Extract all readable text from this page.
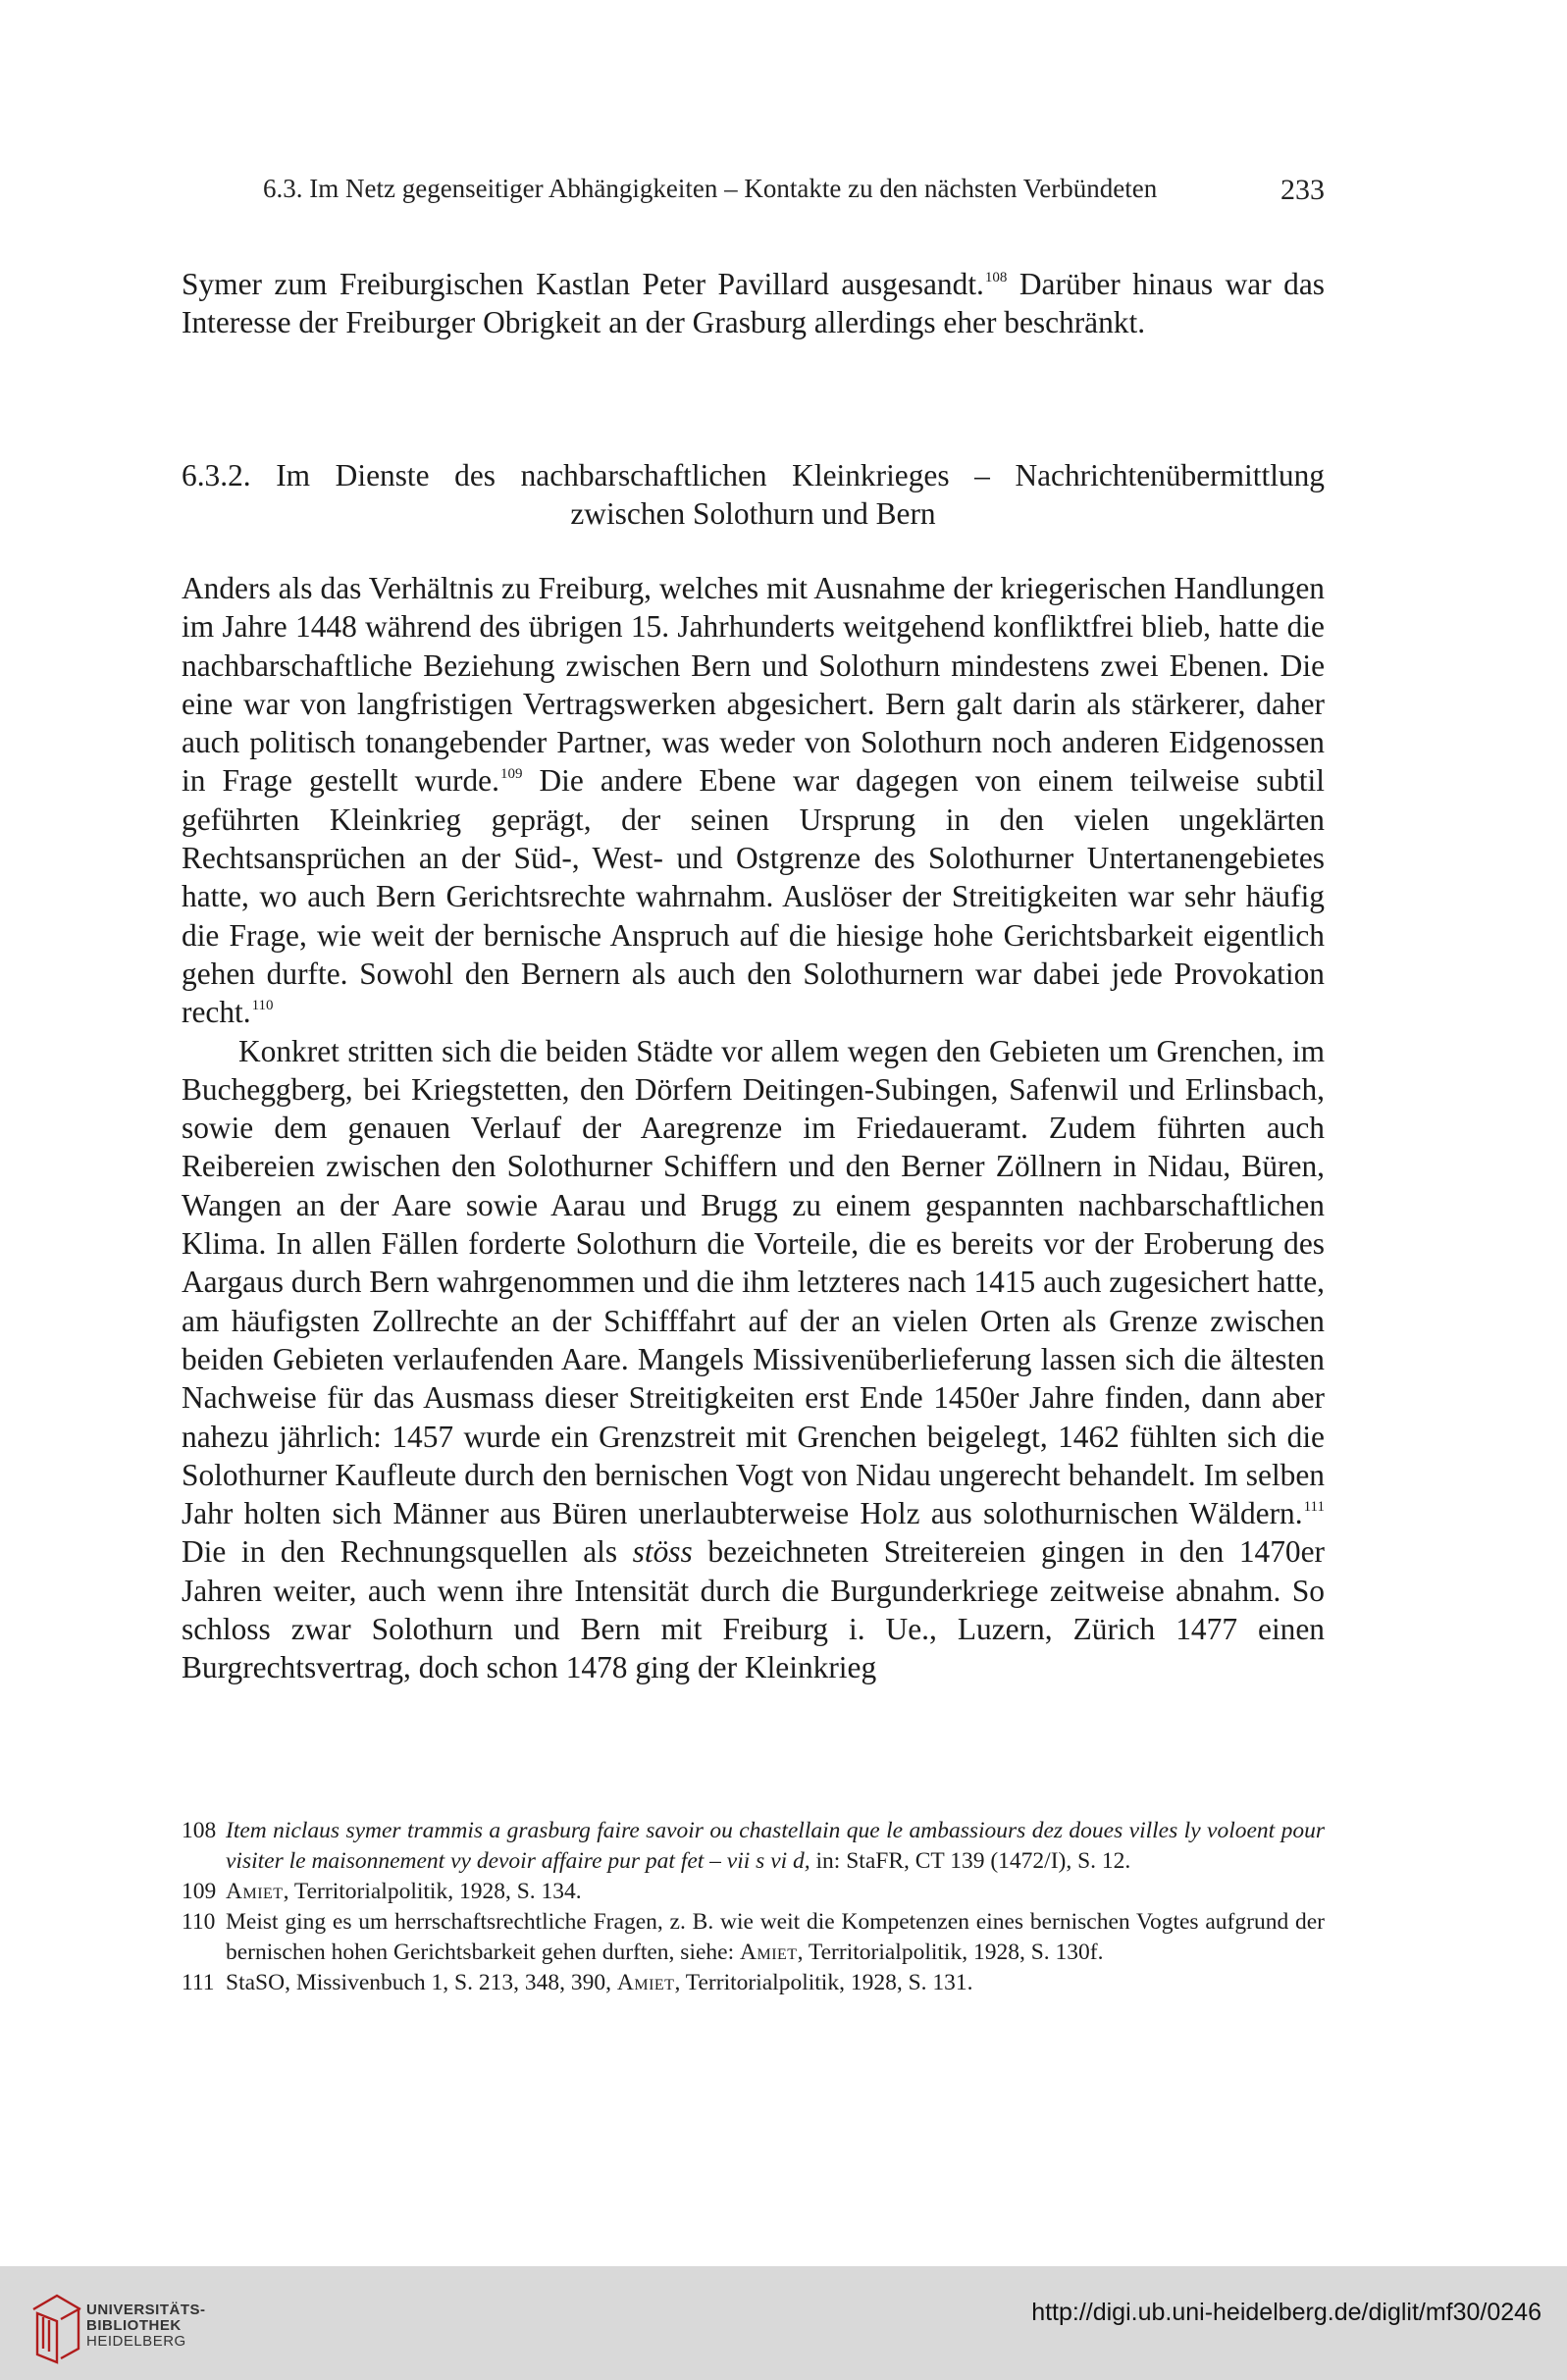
6.3. Im Netz gegenseitiger Abhängigkeiten – Kontakte zu den nächsten Verbündeten	233

Symer zum Freiburgischen Kastlan Peter Pavillard ausgesandt.$^{108}$ Darüber hinaus war das Interesse der Freiburger Obrigkeit an der Grasburg allerdings eher beschränkt.

6.3.2. Im Dienste des nachbarschaftlichen Kleinkrieges – Nachrichtenübermittlung
zwischen Solothurn und Bern

Anders als das Verhältnis zu Freiburg, welches mit Ausnahme der kriegerischen Handlungen im Jahre 1448 während des übrigen 15. Jahrhunderts weitgehend konfliktfrei blieb, hatte die nachbarschaftliche Beziehung zwischen Bern und Solothurn mindestens zwei Ebenen. Die eine war von langfristigen Vertragswerken abgesichert. Bern galt darin als stärkerer, daher auch politisch tonangebender Partner, was weder von Solothurn noch anderen Eidgenossen in Frage gestellt wurde.$^{109}$ Die andere Ebene war dagegen von einem teilweise subtil geführten Kleinkrieg geprägt, der seinen Ursprung in den vielen ungeklärten Rechtsansprüchen an der Süd-, West- und Ostgrenze des Solothurner Untertanengebietes hatte, wo auch Bern Gerichtsrechte wahrnahm. Auslöser der Streitigkeiten war sehr häufig die Frage, wie weit der bernische Anspruch auf die hiesige hohe Gerichtsbarkeit eigentlich gehen durfte. Sowohl den Bernern als auch den Solothurnern war dabei jede Provokation recht.$^{110}$

Konkret stritten sich die beiden Städte vor allem wegen den Gebieten um Grenchen, im Bucheggberg, bei Kriegstetten, den Dörfern Deitingen-Subingen, Safenwil und Erlinsbach, sowie dem genauen Verlauf der Aaregrenze im Friedaueramt. Zudem führten auch Reibereien zwischen den Solothurner Schiffern und den Berner Zöllnern in Nidau, Büren, Wangen an der Aare sowie Aarau und Brugg zu einem gespannten nachbarschaftlichen Klima. In allen Fällen forderte Solothurn die Vorteile, die es bereits vor der Eroberung des Aargaus durch Bern wahrgenommen und die ihm letzteres nach 1415 auch zugesichert hatte, am häufigsten Zollrechte an der Schifffahrt auf der an vielen Orten als Grenze zwischen beiden Gebieten verlaufenden Aare. Mangels Missivenüberlieferung lassen sich die ältesten Nachweise für das Ausmass dieser Streitigkeiten erst Ende 1450er Jahre finden, dann aber nahezu jährlich: 1457 wurde ein Grenzstreit mit Grenchen beigelegt, 1462 fühlten sich die Solothurner Kaufleute durch den bernischen Vogt von Nidau ungerecht behandelt. Im selben Jahr holten sich Männer aus Büren unerlaubterweise Holz aus solothurnischen Wäldern.$^{111}$ Die in den Rechnungsquellen als stöss bezeichneten Streitereien gingen in den 1470er Jahren weiter, auch wenn ihre Intensität durch die Burgunderkriege zeitweise abnahm. So schloss zwar Solothurn und Bern mit Freiburg i. Ue., Luzern, Zürich 1477 einen Burgrechtsvertrag, doch schon 1478 ging der Kleinkrieg

108 Item niclaus symer trammis a grasburg faire savoir ou chastellain que le ambassiours dez doues villes ly voloent pour visiter le maisonnement vy devoir affaire pur pat fet – vii s vi d, in: StaFR, CT 139 (1472/I), S. 12.
109 Amiet, Territorialpolitik, 1928, S. 134.
110 Meist ging es um herrschaftsrechtliche Fragen, z. B. wie weit die Kompetenzen eines bernischen Vogtes aufgrund der bernischen hohen Gerichtsbarkeit gehen durften, siehe: Amiet, Territorialpolitik, 1928, S. 130f.
111 StaSO, Missivenbuch 1, S. 213, 348, 390, Amiet, Territorialpolitik, 1928, S. 131.
UNIVERSITÄTS-
BIBLIOTHEK
HEIDELBERG
http://digi.ub.uni-heidelberg.de/diglit/mf30/0246
